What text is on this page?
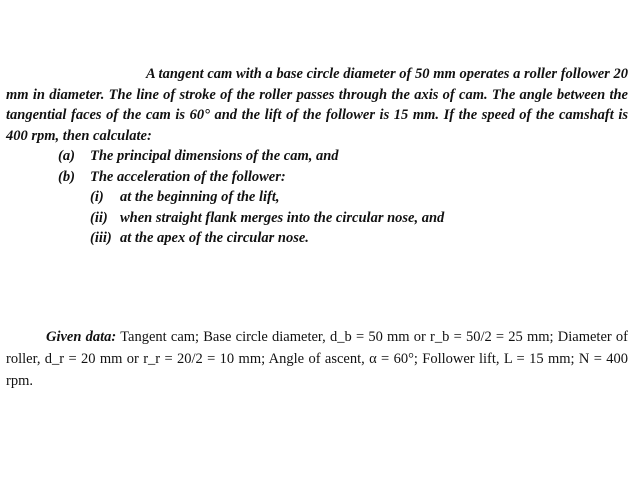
A tangent cam with a base circle diameter of 50 mm operates a roller follower 20 mm in diameter. The line of stroke of the roller passes through the axis of cam. The angle between the tangential faces of the cam is 60° and the lift of the follower is 15 mm. If the speed of the camshaft is 400 rpm, then calculate:

(a)	The principal dimensions of the cam, and
(b)	The acceleration of the follower:
(i)	at the beginning of the lift,
(ii) when straight flank merges into the circular nose, and
(iii) at the apex of the circular nose.

Given data: Tangent cam; Base circle diameter, d_b = 50 mm or r_b = 50/2 = 25 mm; Diameter of roller, d_r = 20 mm or r_r = 20/2 = 10 mm; Angle of ascent, α = 60°; Follower lift, L = 15 mm; N = 400 rpm.
